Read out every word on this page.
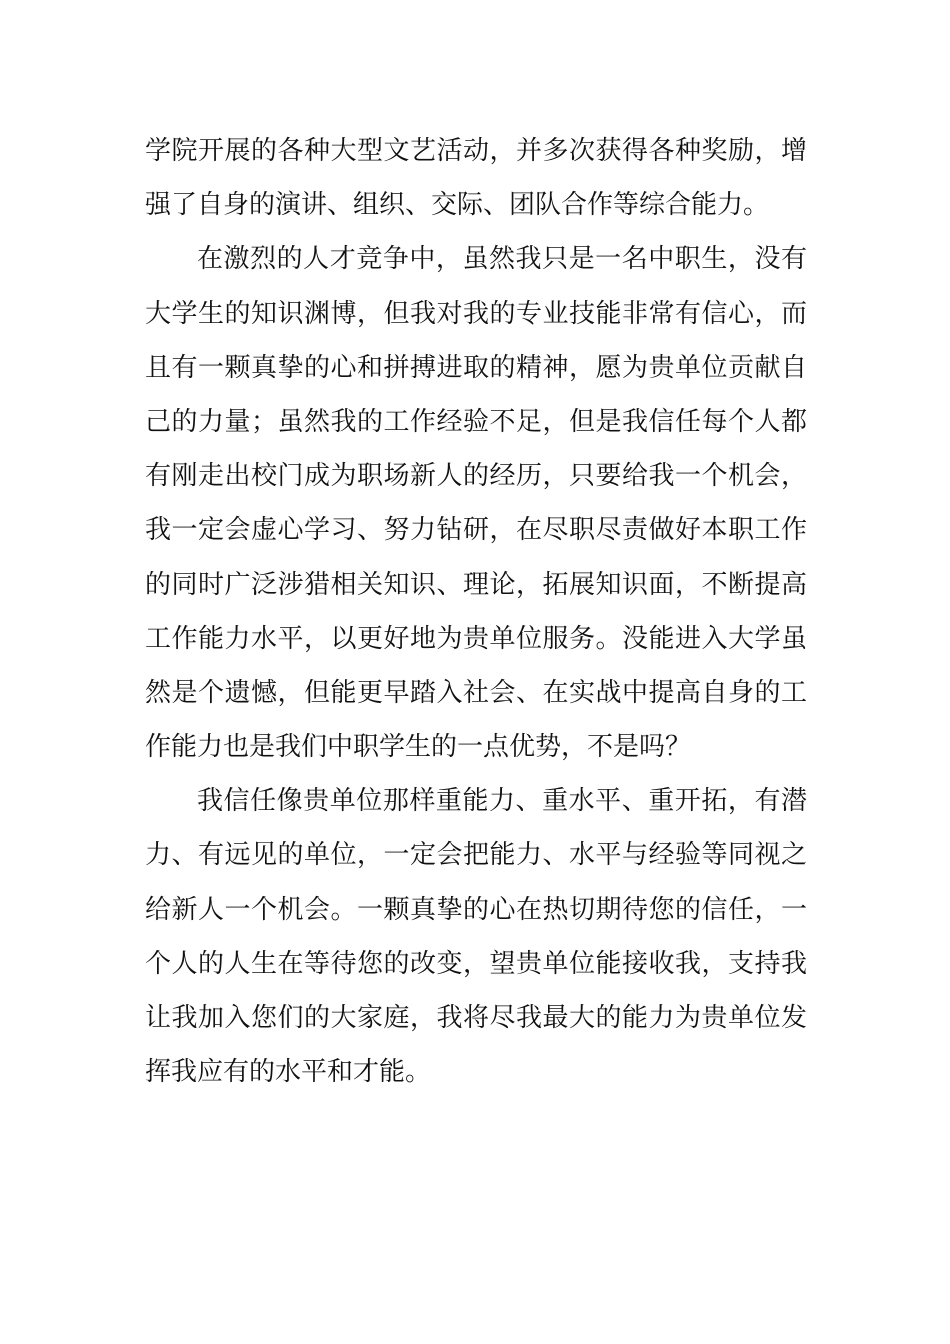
学院开展的各种大型文艺活动，并多次获得各种奖励，增
强了自身的演讲、组织、交际、团队合作等综合能力。
在激烈的人才竞争中，虽然我只是一名中职生，没有
大学生的知识渊博，但我对我的专业技能非常有信心，而
且有一颗真挚的心和拼搏进取的精神，愿为贵单位贡献自
己的力量；虽然我的工作经验不足，但是我信任每个人都
有刚走出校门成为职场新人的经历，只要给我一个机会，
我一定会虚心学习、努力钻研，在尽职尽责做好本职工作
的同时广泛涉猎相关知识、理论，拓展知识面，不断提高
工作能力水平，以更好地为贵单位服务。没能进入大学虽
然是个遗憾，但能更早踏入社会、在实战中提高自身的工
作能力也是我们中职学生的一点优势，不是吗？
我信任像贵单位那样重能力、重水平、重开拓，有潜
力、有远见的单位，一定会把能力、水平与经验等同视之
给新人一个机会。一颗真挚的心在热切期待您的信任，一
个人的人生在等待您的改变，望贵单位能接收我，支持我
让我加入您们的大家庭，我将尽我最大的能力为贵单位发
挥我应有的水平和才能。
